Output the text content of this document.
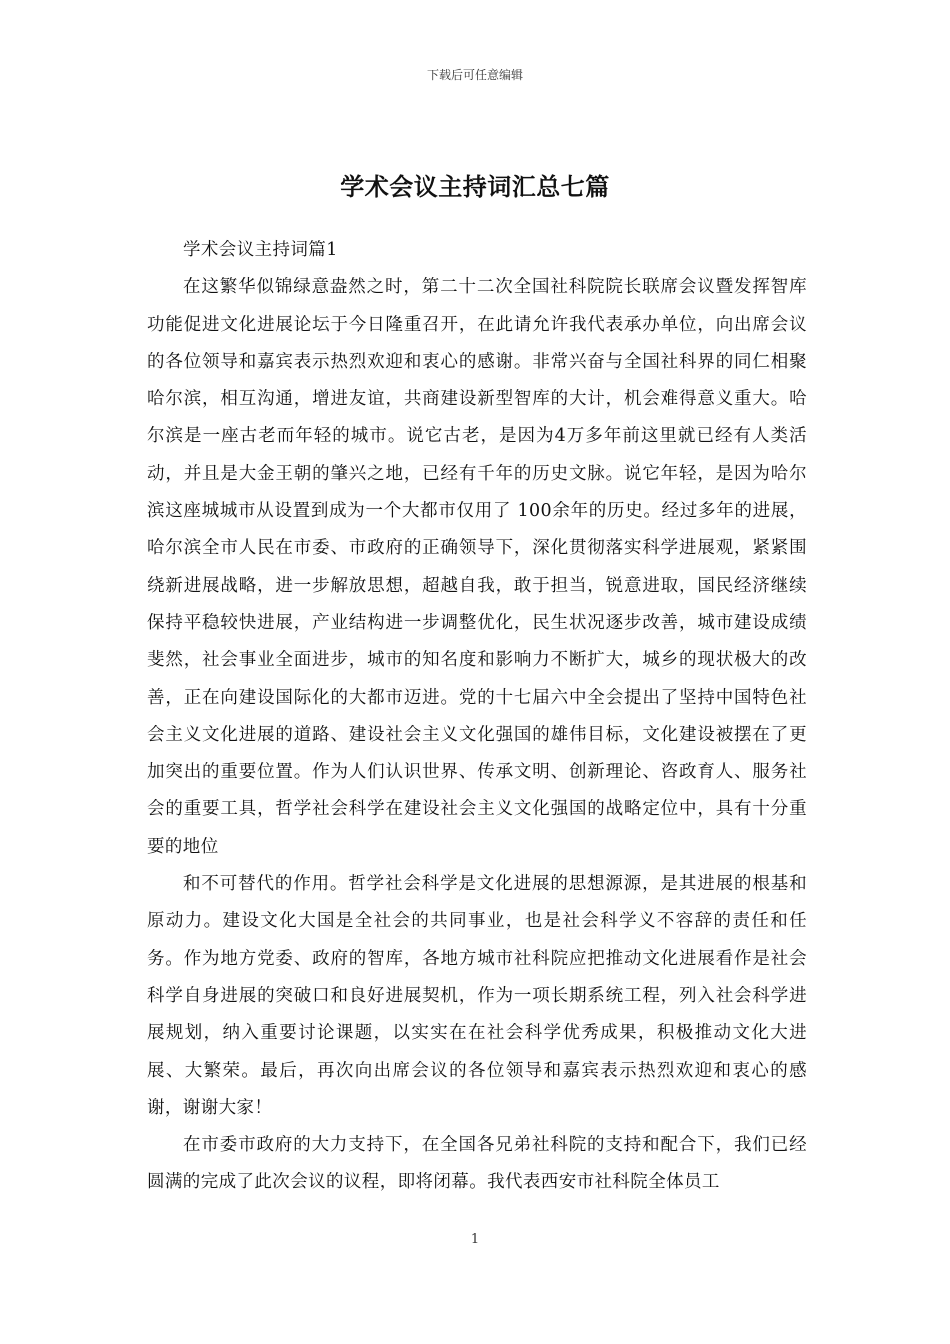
下载后可任意编辑
学术会议主持词汇总七篇

学术会议主持词篇1

在这繁华似锦绿意盎然之时，第二十二次全国社科院院长联席会议暨发挥智库功能促进文化进展论坛于今日隆重召开，在此请允许我代表承办单位，向出席会议的各位领导和嘉宾表示热烈欢迎和衷心的感谢。非常兴奋与全国社科界的同仁相聚哈尔滨，相互沟通，增进友谊，共商建设新型智库的大计，机会难得意义重大。哈尔滨是一座古老而年轻的城市。说它古老，是因为4万多年前这里就已经有人类活动，并且是大金王朝的肇兴之地，已经有千年的历史文脉。说它年轻，是因为哈尔滨这座城城市从设置到成为一个大都市仅用了 100余年的历史。经过多年的进展，哈尔滨全市人民在市委、市政府的正确领导下，深化贯彻落实科学进展观，紧紧围绕新进展战略，进一步解放思想，超越自我，敢于担当，锐意进取，国民经济继续保持平稳较快进展，产业结构进一步调整优化，民生状况逐步改善，城市建设成绩斐然，社会事业全面进步，城市的知名度和影响力不断扩大，城乡的现状极大的改善，正在向建设国际化的大都市迈进。党的十七届六中全会提出了坚持中国特色社会主义文化进展的道路、建设社会主义文化强国的雄伟目标，文化建设被摆在了更加突出的重要位置。作为人们认识世界、传承文明、创新理论、咨政育人、服务社会的重要工具，哲学社会科学在建设社会主义文化强国的战略定位中，具有十分重要的地位

和不可替代的作用。哲学社会科学是文化进展的思想源源，是其进展的根基和原动力。建设文化大国是全社会的共同事业，也是社会科学义不容辞的责任和任务。作为地方党委、政府的智库，各地方城市社科院应把推动文化进展看作是社会科学自身进展的突破口和良好进展契机，作为一项长期系统工程，列入社会科学进展规划，纳入重要讨论课题，以实实在在社会科学优秀成果，积极推动文化大进展、大繁荣。最后，再次向出席会议的各位领导和嘉宾表示热烈欢迎和衷心的感谢，谢谢大家！

在市委市政府的大力支持下，在全国各兄弟社科院的支持和配合下，我们已经圆满的完成了此次会议的议程，即将闭幕。我代表西安市社科院全体员工

1
